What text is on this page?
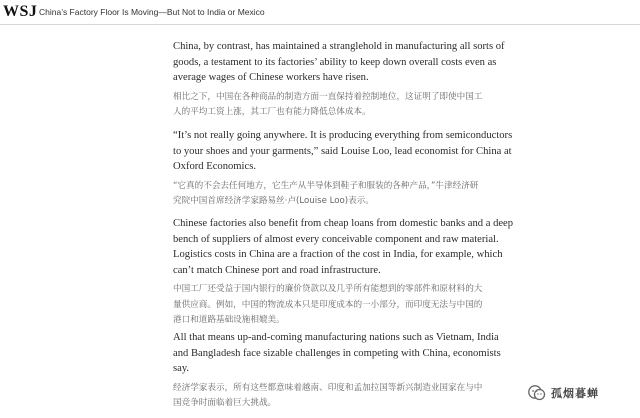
WSJ China’s Factory Floor Is Moving—But Not to India or Mexico

China, by contrast, has maintained a stranglehold in manufacturing all sorts of

goods, a testament to its factories’ ability to keep down overall costs even as

average wages of Chinese workers have risen.

相比之下，中国在各种商品的制造方面一直保持着控制地位，这证明了即使中国工

人的平均工资上涨，其工厂也有能力降低总体成本。

“It’s not really going anywhere. It is producing everything from semiconductors

to your shoes and your garments,” said Louise Loo, lead economist for China at

Oxford Economics.

“它真的不会去任何地方，它生产从半导体到鞋子和服装的各种产品，”牛津经济研

究院中国首席经济学家路易丝·卢(Louise Loo)表示。

Chinese factories also benefit from cheap loans from domestic banks and a deep

bench of suppliers of almost every conceivable component and raw material.

Logistics costs in China are a fraction of the cost in India, for example, which

can’t match Chinese port and road infrastructure.

中国工厂还受益于国内银行的廉价贷款以及几乎所有能想到的零部件和原材料的大

量供应商。例如，中国的物流成本只是印度成本的一小部分，而印度无法与中国的

港口和道路基础设施相媲美。

All that means up-and-coming manufacturing nations such as Vietnam, India

and Bangladesh face sizable challenges in competing with China, economists

say.

经济学家表示，所有这些都意味着越南、印度和孟加拉国等新兴制造业国家在与中

国竞争时面临着巨大挑战。

孤烟暮蝉
